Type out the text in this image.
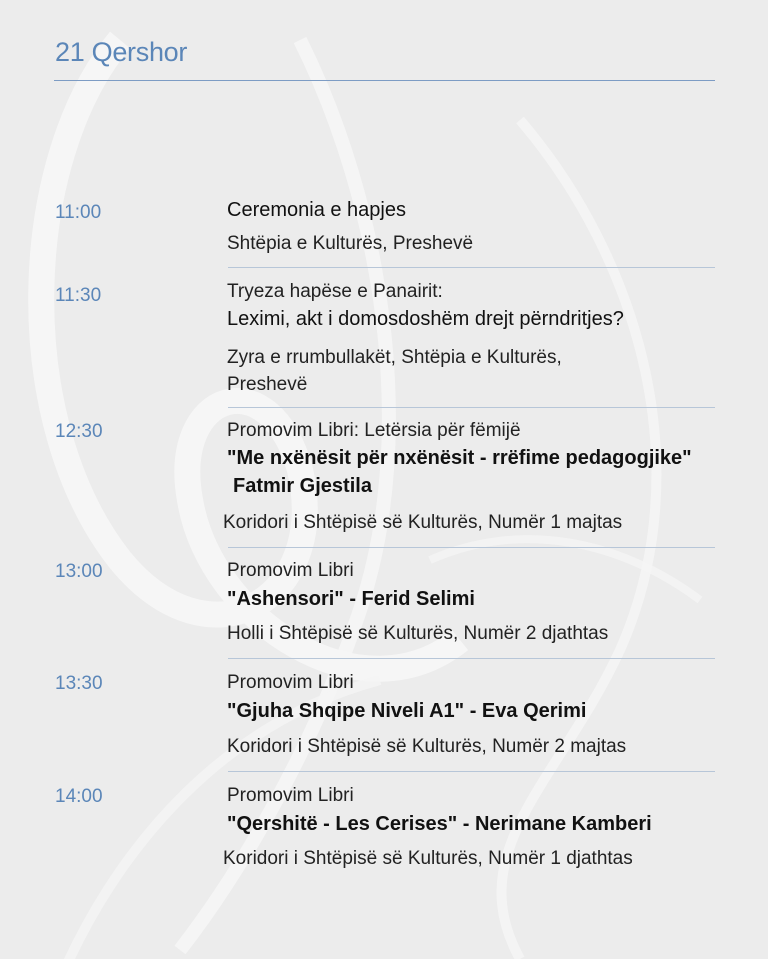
21 Qershor
11:00	Ceremonia e hapjes
Shtëpia e Kulturës, Preshevë
11:30	Tryeza hapëse e Panairit:
Leximi, akt i domosdoshëm drejt përndritjes?
Zyra e rrumbullakët, Shtëpia e Kulturës,
Preshevë
12:30	Promovim Libri: Letërsia për fëmijë
"Me nxënësit për nxënësit - rrëfime pedagogjike"
Fatmir Gjestila
Koridori i Shtëpisë së Kulturës, Numër 1 majtas
13:00	Promovim Libri
"Ashensori" - Ferid Selimi
Holli i Shtëpisë së Kulturës, Numër 2 djathtas
13:30	Promovim Libri
"Gjuha Shqipe Niveli A1" - Eva Qerimi
Koridori i Shtëpisë së Kulturës, Numër 2 majtas
14:00	Promovim Libri
"Qershitë - Les Cerises" - Nerimane Kamberi
Koridori i Shtëpisë së Kulturës, Numër 1 djathtas
